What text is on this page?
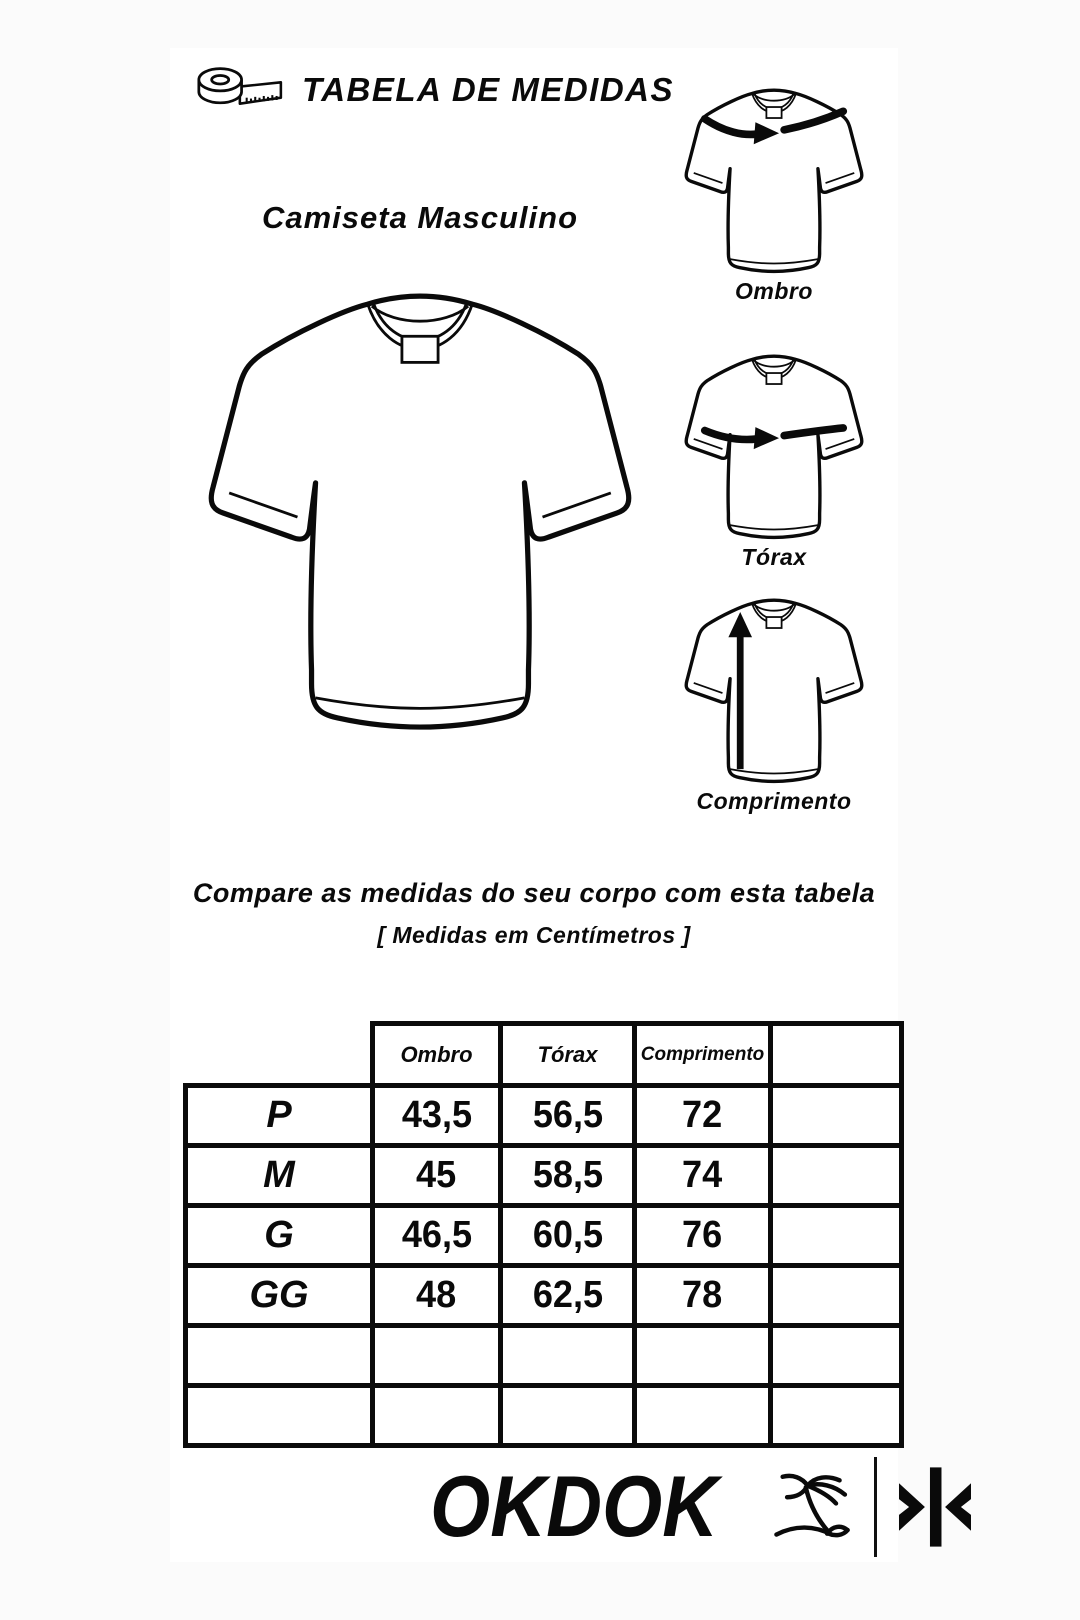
TABELA DE MEDIDAS
Camiseta Masculino
Ombro
Tórax
Comprimento
Compare as medidas do seu corpo com esta tabela
[ Medidas em Centímetros ]
	Ombro	Tórax	Comprimento	
P	43,5	56,5	72	
M	45	58,5	74	
G	46,5	60,5	76	
GG	48	62,5	78	

OKDOK
